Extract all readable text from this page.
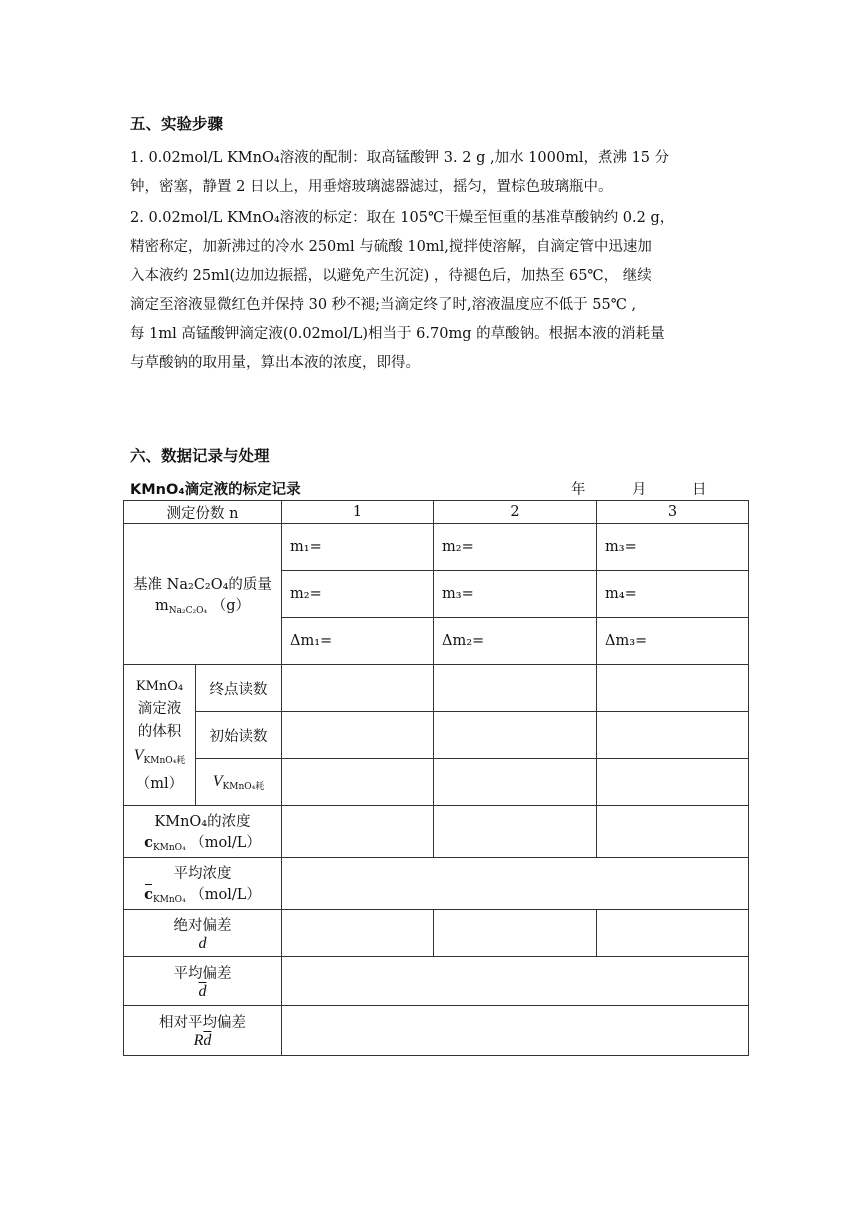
五、实验步骤
1. 0.02mol/L KMnO₄溶液的配制：取高锰酸钾 3. 2 g ,加水 1000ml，煮沸 15 分
钟，密塞，静置 2 日以上，用垂熔玻璃滤器滤过，摇匀，置棕色玻璃瓶中。
2. 0.02mol/L KMnO₄溶液的标定：取在 105℃干燥至恒重的基准草酸钠约 0.2 g，
精密称定，加新沸过的冷水 250ml 与硫酸 10ml,搅拌使溶解，自滴定管中迅速加
入本液约 25ml(边加边振摇，以避免产生沉淀) ，待褪色后，加热至 65℃， 继续
滴定至溶液显微红色并保持 30 秒不褪;当滴定终了时,溶液温度应不低于 55℃ ,
每 1ml 高锰酸钾滴定液(0.02mol/L)相当于 6.70mg 的草酸钠。根据本液的消耗量
与草酸钠的取用量，算出本液的浓度，即得。
六、数据记录与处理
KMnO₄滴定液的标定记录	年	月	日
测定份数 n		1	2	3

基准 Na₂C₂O₄的质量
$m_{Na_2C_2O_4}$ （g）		m₁=	m₂=	m₃=
		m₂=	m₃=	m₄=
		Δm₁=	Δm₂=	Δm₃=

KMnO₄
滴定液
的体积
$V_{KMnO_4耗}$
（ml）	终点读数			
	初始读数			
	$V_{KMnO_4耗}$			

KMnO₄的浓度
$c_{KMnO_4}$ （mol/L）				

平均浓度
$c_{KMnO_4}$ （mol/L）				

绝对偏差
d				

平均偏差
$\overline{d}$

相对平均偏差
$R\overline{d}$
